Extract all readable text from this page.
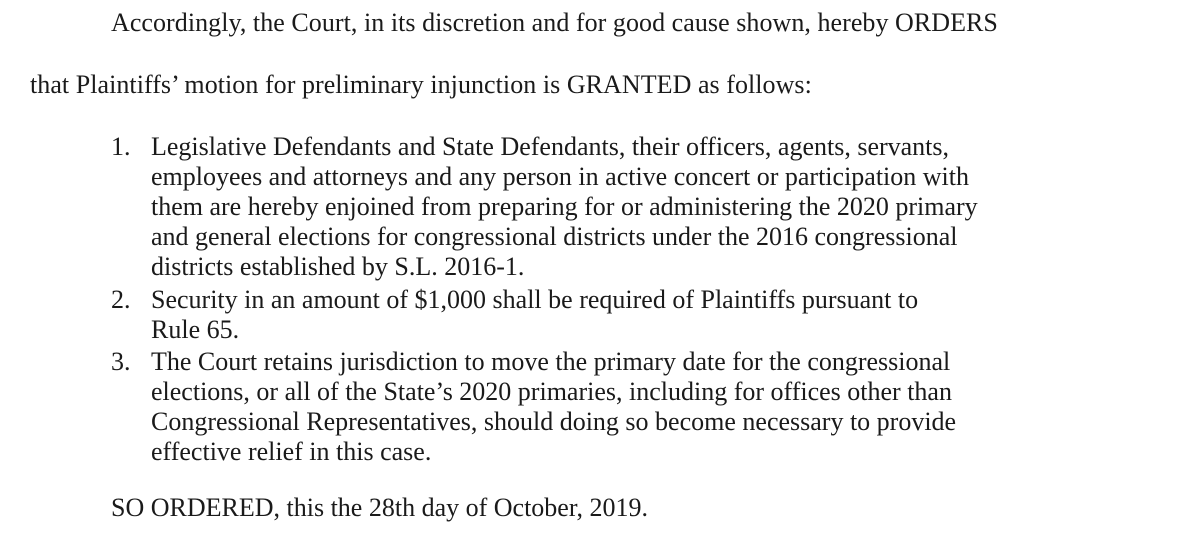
Accordingly, the Court, in its discretion and for good cause shown, hereby ORDERS
that Plaintiffs’ motion for preliminary injunction is GRANTED as follows:
1. Legislative Defendants and State Defendants, their officers, agents, servants,
employees and attorneys and any person in active concert or participation with
them are hereby enjoined from preparing for or administering the 2020 primary
and general elections for congressional districts under the 2016 congressional
districts established by S.L. 2016-1.
2. Security in an amount of $1,000 shall be required of Plaintiffs pursuant to
Rule 65.
3. The Court retains jurisdiction to move the primary date for the congressional
elections, or all of the State’s 2020 primaries, including for offices other than
Congressional Representatives, should doing so become necessary to provide
effective relief in this case.
SO ORDERED, this the 28th day of October, 2019.
